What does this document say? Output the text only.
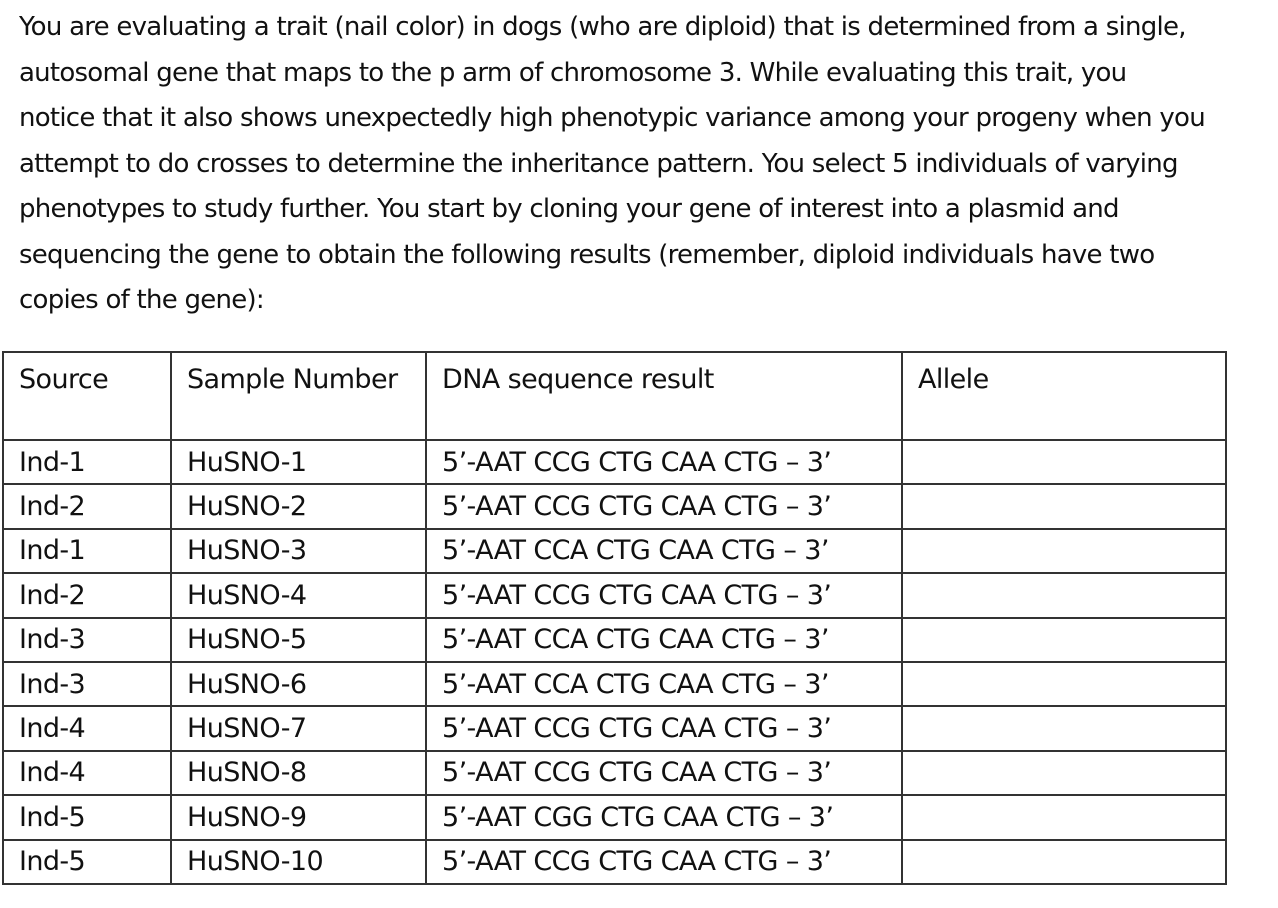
You are evaluating a trait (nail color) in dogs (who are diploid) that is determined from a single,
autosomal gene that maps to the p arm of chromosome 3. While evaluating this trait, you
notice that it also shows unexpectedly high phenotypic variance among your progeny when you
attempt to do crosses to determine the inheritance pattern. You select 5 individuals of varying
phenotypes to study further. You start by cloning your gene of interest into a plasmid and
sequencing the gene to obtain the following results (remember, diploid individuals have two
copies of the gene):
Source	Sample Number	DNA sequence result	Allele
Ind-1	HuSNO-1	5’-AAT CCG CTG CAA CTG – 3’	
Ind-2	HuSNO-2	5’-AAT CCG CTG CAA CTG – 3’	
Ind-1	HuSNO-3	5’-AAT CCA CTG CAA CTG – 3’	
Ind-2	HuSNO-4	5’-AAT CCG CTG CAA CTG – 3’	
Ind-3	HuSNO-5	5’-AAT CCA CTG CAA CTG – 3’	
Ind-3	HuSNO-6	5’-AAT CCA CTG CAA CTG – 3’	
Ind-4	HuSNO-7	5’-AAT CCG CTG CAA CTG – 3’	
Ind-4	HuSNO-8	5’-AAT CCG CTG CAA CTG – 3’	
Ind-5	HuSNO-9	5’-AAT CGG CTG CAA CTG – 3’	
Ind-5	HuSNO-10	5’-AAT CCG CTG CAA CTG – 3’	
